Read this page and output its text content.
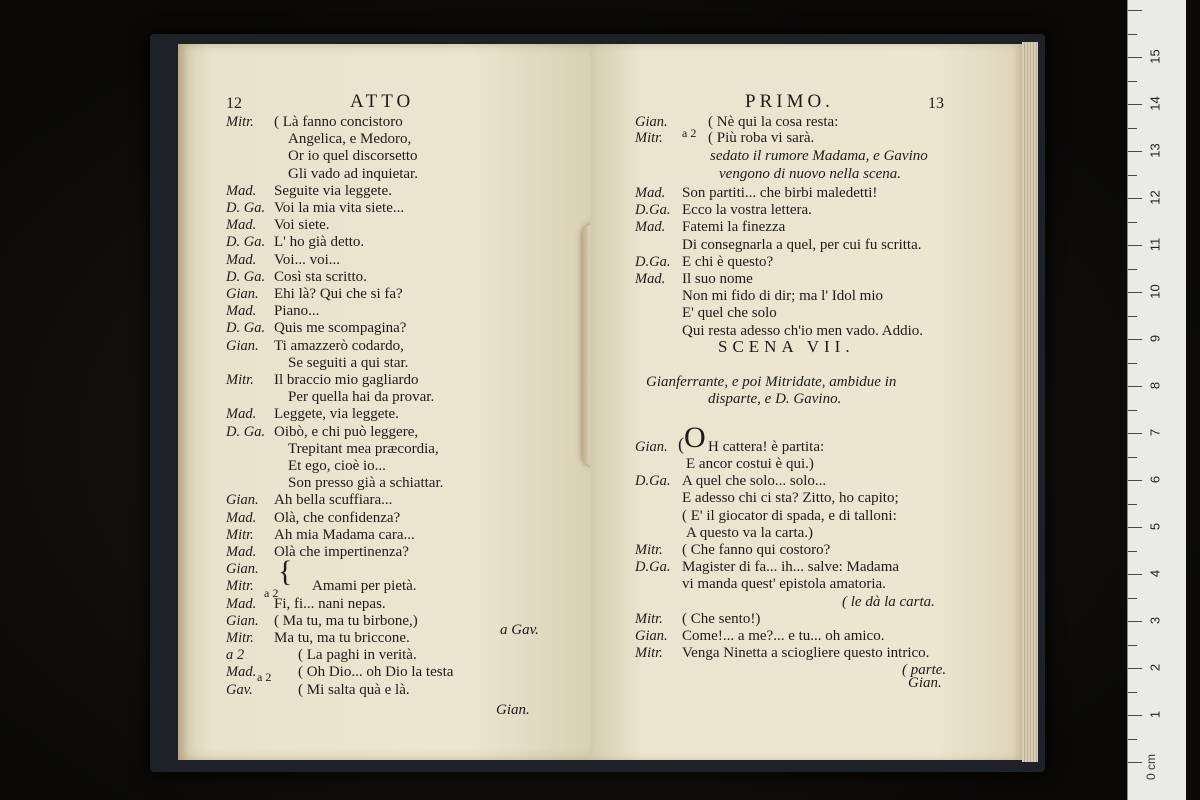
12	ATTO
Mitr. ( Là fanno concistoro
Angelica, e Medoro,
Or io quel discorsetto
Gli vado ad inquietar.
Mad. Seguite via leggete.
D. Ga. Voi la mia vita siete...
Mad. Voi siete.
D. Ga. L' ho già detto.
Mad. Voi... voi...
D. Ga. Così sta scritto.
Gian. Ehi là? Qui che si fa?
Mad. Piano...
D. Ga. Quis me scompagina?
Gian. Ti amazzerò codardo,
Se seguiti a qui star.
Mitr. Il braccio mio gagliardo
Per quella hai da provar.
Mad. Leggete, via leggete.
D. Ga. Oibò, e chi può leggere,
Trepitant mea præcordia,
Et ego, cioè io...
Son presso già a schiattar.
Gian. Ah bella scuffiara...
Mad. Olà, che confidenza?
Mitr. Ah mia Madama cara...
Mad. Olà che impertinenza?
Gian.
Mitr.	Amami per pietà.
Mad. Fi, fi... nani nepas.
Gian. ( Ma tu, ma tu birbone,)
Mitr. Ma tu, ma tu briccone.
a 2	( La paghi in verità.
Mad.	( Oh Dio... oh Dio la testa
Gav.	( Mi salta quà e là.
a 2
{
a 2
a Gav.
Gian.
PRIMO.	13
Gian.	( Nè qui la cosa resta:
Mitr.	( Più roba vi sarà.
a 2
sedato il rumore Madama, e Gavino
vengono di nuovo nella scena.
Mad. Son partiti... che birbi maledetti!
D.Ga. Ecco la vostra lettera.
Mad. Fatemi la finezza
Di consegnarla a quel, per cui fu scritta.
D.Ga. E chi è questo?
Mad. Il suo nome
Non mi fido di dir; ma l' Idol mio
E' quel che solo
Qui resta adesso ch'io men vado. Addio.
SCENA VII.
Gianferrante, e poi Mitridate, ambidue in
disparte, e D. Gavino.
Gian. ( O H cattera! è partita:
E ancor costui è qui.)
D.Ga. A quel che solo... solo...
E adesso chi ci sta? Zitto, ho capito;
( E' il giocator di spada, e di talloni:
A questo va la carta.)
Mitr. ( Che fanno qui costoro?
D.Ga. Magister di fa... ih... salve: Madama
vi manda quest' epistola amatoria.
( le dà la carta.
Mitr. ( Che sento!)
Gian. Come!... a me?... e tu... oh amico.
Mitr. Venga Ninetta a sciogliere questo intrico.
( parte.
Gian.
1
2
3
4
5
6
7
8
9
10
11
12
13
14
15
0 cm
